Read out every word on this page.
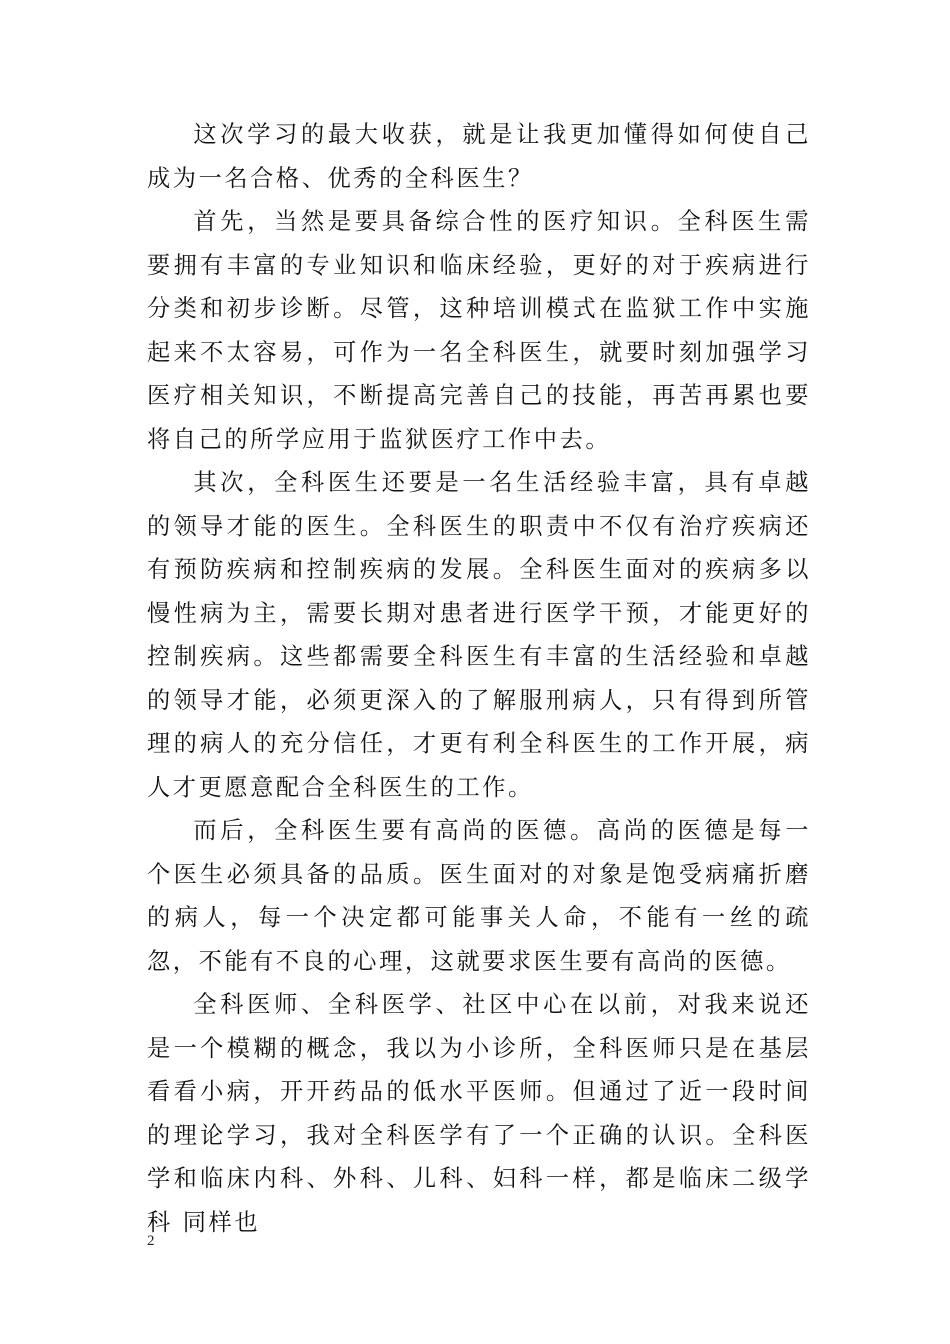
这次学习的最大收获，就是让我更加懂得如何使自己成为一名合格、优秀的全科医生？

首先，当然是要具备综合性的医疗知识。全科医生需要拥有丰富的专业知识和临床经验，更好的对于疾病进行分类和初步诊断。尽管，这种培训模式在监狱工作中实施起来不太容易，可作为一名全科医生，就要时刻加强学习医疗相关知识，不断提高完善自己的技能，再苦再累也要将自己的所学应用于监狱医疗工作中去。

其次，全科医生还要是一名生活经验丰富，具有卓越的领导才能的医生。全科医生的职责中不仅有治疗疾病还有预防疾病和控制疾病的发展。全科医生面对的疾病多以慢性病为主，需要长期对患者进行医学干预，才能更好的控制疾病。这些都需要全科医生有丰富的生活经验和卓越的领导才能，必须更深入的了解服刑病人，只有得到所管理的病人的充分信任，才更有利全科医生的工作开展，病人才更愿意配合全科医生的工作。

而后，全科医生要有高尚的医德。高尚的医德是每一个医生必须具备的品质。医生面对的对象是饱受病痛折磨的病人，每一个决定都可能事关人命，不能有一丝的疏忽，不能有不良的心理，这就要求医生要有高尚的医德。

全科医师、全科医学、社区中心在以前，对我来说还是一个模糊的概念，我以为小诊所，全科医师只是在基层看看小病，开开药品的低水平医师。但通过了近一段时间的理论学习，我对全科医学有了一个正确的认识。全科医学和临床内科、外科、儿科、妇科一样，都是临床二级学科 同样也

2
